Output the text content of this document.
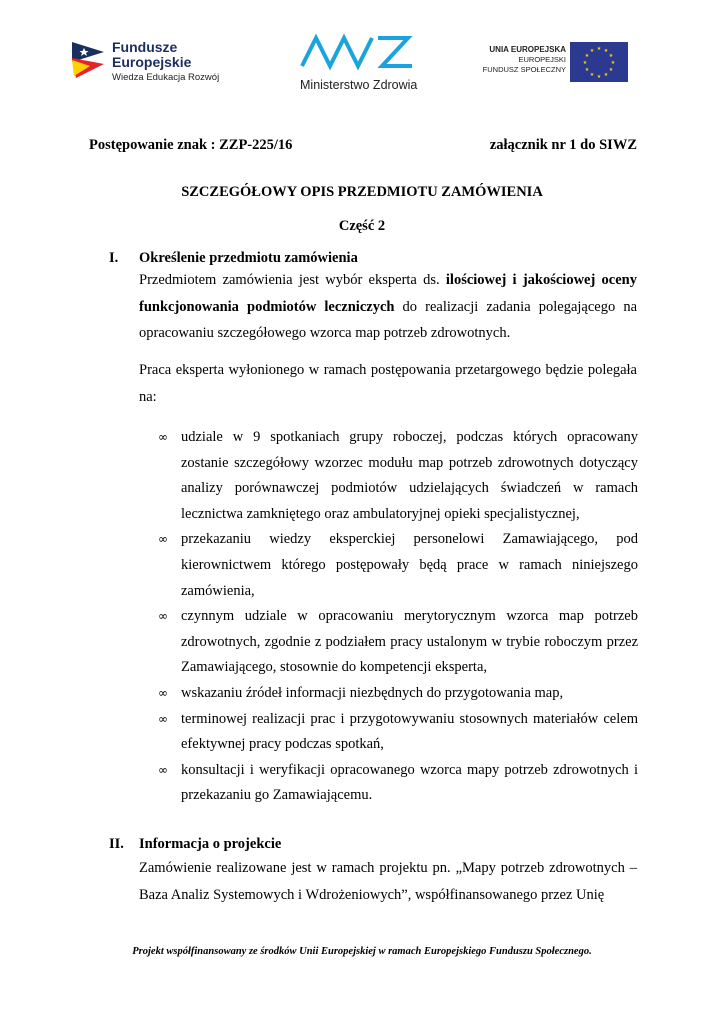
Fundusze
Europejskie
Wiedza Edukacja Rozwój
Ministerstwo Zdrowia
UNIA EUROPEJSKA
EUROPEJSKI
FUNDUSZ SPOŁECZNY
★ ★
★
★
★
★
★
★
★
★
★
★
Postępowanie znak : ZZP-225/16	załącznik nr 1 do SIWZ
SZCZEGÓŁOWY OPIS PRZEDMIOTU ZAMÓWIENIA
Część 2
I. Określenie przedmiotu zamówienia
Przedmiotem zamówienia jest wybór eksperta ds. ilościowej i jakościowej oceny funkcjonowania podmiotów leczniczych do realizacji zadania polegającego na opracowaniu szczegółowego wzorca map potrzeb zdrowotnych.
Praca eksperta wyłonionego w ramach postępowania przetargowego będzie polegała na:
∞ udziale w 9 spotkaniach grupy roboczej, podczas których opracowany zostanie szczegółowy wzorzec modułu map potrzeb zdrowotnych dotyczący analizy porównawczej podmiotów udzielających świadczeń w ramach lecznictwa zamkniętego oraz ambulatoryjnej opieki specjalistycznej,
∞ przekazaniu wiedzy eksperckiej personelowi Zamawiającego, pod kierownictwem którego postępowały będą prace w ramach niniejszego zamówienia,
∞ czynnym udziale w opracowaniu merytorycznym wzorca map potrzeb zdrowotnych, zgodnie z podziałem pracy ustalonym w trybie roboczym przez Zamawiającego, stosownie do kompetencji eksperta,
∞ wskazaniu źródeł informacji niezbędnych do przygotowania map,
∞ terminowej realizacji prac i przygotowywaniu stosownych materiałów celem efektywnej pracy podczas spotkań,
∞ konsultacji i weryfikacji opracowanego wzorca mapy potrzeb zdrowotnych i przekazaniu go Zamawiającemu.
II. Informacja o projekcie
Zamówienie realizowane jest w ramach projektu pn. „Mapy potrzeb zdrowotnych – Baza Analiz Systemowych i Wdrożeniowych”, współfinansowanego przez Unię
Projekt współfinansowany ze środków Unii Europejskiej w ramach Europejskiego Funduszu Społecznego.
